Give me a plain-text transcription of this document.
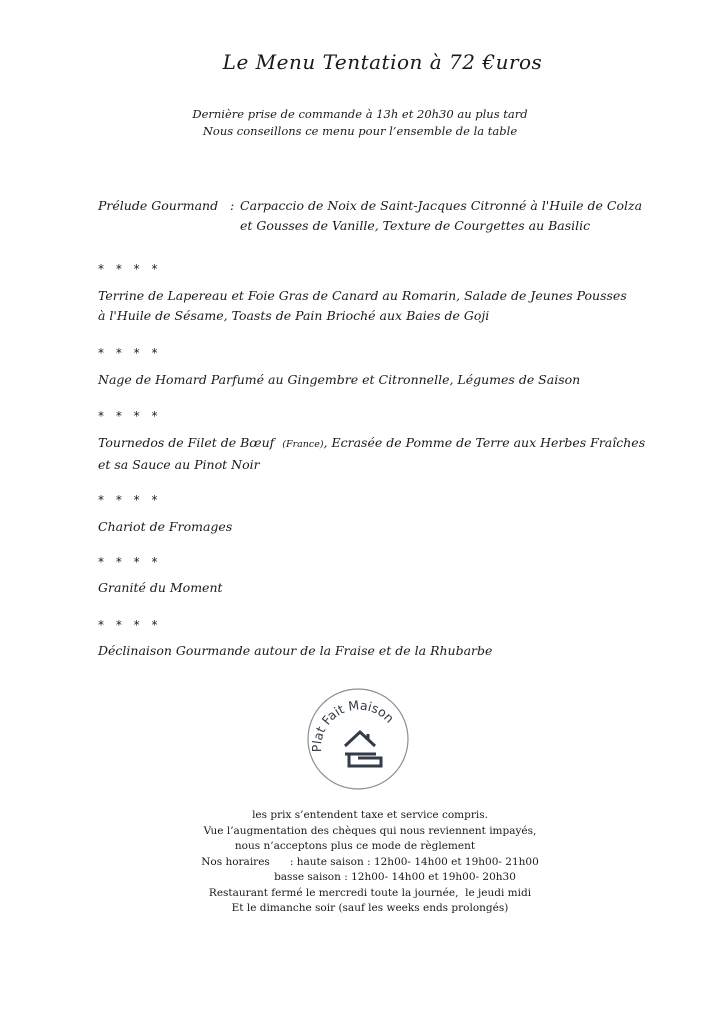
Le Menu Tentation à 72 €uros
Dernière prise de commande à 13h et 20h30 au plus tard
Nous conseillons ce menu pour l’ensemble de la table
Prélude Gourmand : Carpaccio de Noix de Saint-Jacques Citronné à l'Huile de Colza
et Gousses de Vanille, Texture de Courgettes au Basilic
* * * *
Terrine de Lapereau et Foie Gras de Canard au Romarin, Salade de Jeunes Pousses
à l'Huile de Sésame, Toasts de Pain Brioché aux Baies de Goji
* * * *
Nage de Homard Parfumé au Gingembre et Citronnelle, Légumes de Saison
* * * *
Tournedos de Filet de Bœuf (France), Ecrasée de Pomme de Terre aux Herbes Fraîches
et sa Sauce au Pinot Noir
* * * *
Chariot de Fromages
* * * *
Granité du Moment
* * * *
Déclinaison Gourmande autour de la Fraise et de la Rhubarbe
Plat Fait Maison
les prix s’entendent taxe et service compris.
Vue l’augmentation des chèques qui nous reviennent impayés,
nous n’acceptons plus ce mode de règlement
Nos horaires      : haute saison : 12h00- 14h00 et 19h00- 21h00
basse saison : 12h00- 14h00 et 19h00- 20h30
Restaurant fermé le mercredi toute la journée,  le jeudi midi
Et le dimanche soir (sauf les weeks ends prolongés)
